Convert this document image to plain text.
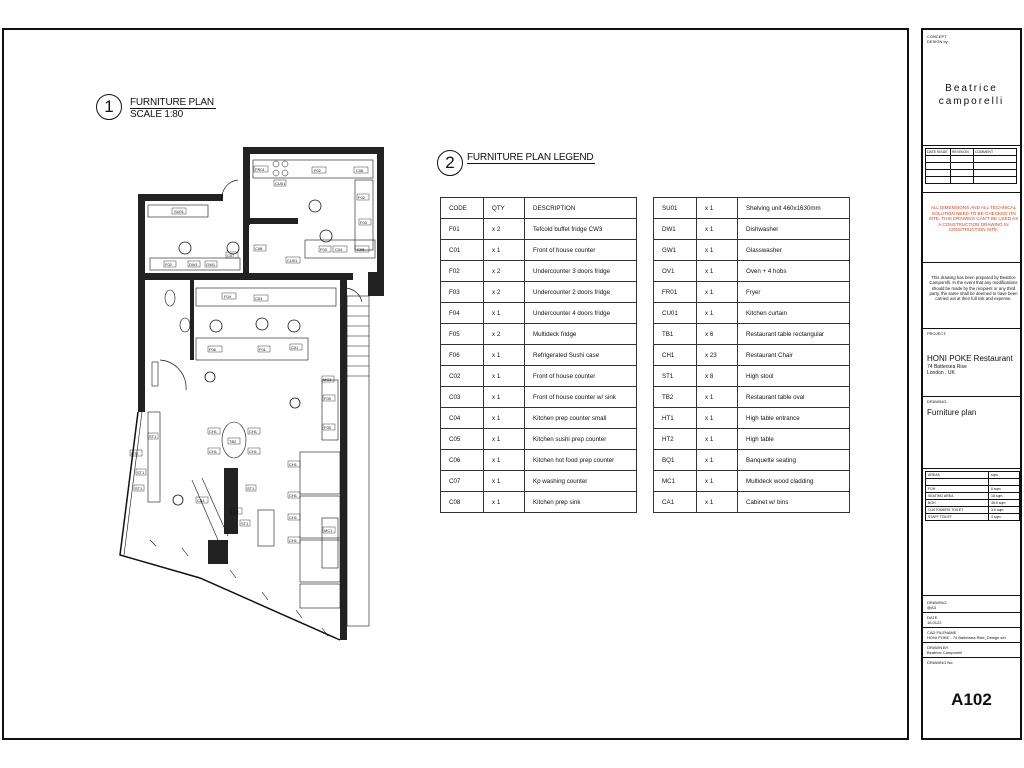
1 FURNITURE PLAN
SCALE 1:80
SU01
FR01
CU01
F02	C06
F02
F03
C05
C04
F03
F02	DW1 GW1
C07
C08
CU01
F04	C03
F06	F01	C01
MC1
F05
F05
CH1	CH1
TB2
CH1	CH1
CH1
ST1
HT1
ST1
ST1
CA1
ST1
CH1
HT2
ST1
CH1
MC1
CH1
2 FURNITURE PLAN LEGEND
CODE	QTY	DESCRIPTION
F01	x 2	Tefcold buffet fridge CW3
C01	x 1	Front of house counter
F02	x 2	Undercounter 3 doors fridge
F03	x 2	Undercounter 2 doors fridge
F04	x 1	Undercounter 4 doors fridge
F05	x 2	Multideck fridge
F06	x 1	Refrigerated Sushi case
C02	x 1	Front of house counter
C03	x 1	Front of house counter w/ sink
C04	x 1	Kitchen prep counter small
C05	x 1	Kitchen sushi prep counter
C06	x 1	Kitchen hot food prep counter
C07	x 1	Kp washing counter
C08	x 1	Kitchen prep sink
SU01	x 1	Shelving unit 460x1630mm
DW1	x 1	Dishwasher
GW1	x 1	Glasswasher
OV1	x 1	Oven + 4 hobs
FR01	x 1	Fryer
CU01	x 1	Kitchen curtain
TB1	x 6	Restaurant table rectangular
CH1	x 23	Restaurant Chair
ST1	x 8	High stool
TB2	x 1	Restaurant table oval
HT1	x 1	High table entrance
HT2	x 1	High table
BQ1	x 1	Banquette seating
MC1	x 1	Multideck wood cladding
CA1	x 1	Cabinet w/ bins
CONCEPT
DESIGN by:
Beatrice
camporelli
DATE ISSUE	REVISION	COMMENT

ALL DIMENSIONS AND ALL TECHNICAL SOLUTION NEED TO BE CHECKED ON SITE. THIS DRAWING CAN'T BE USED AS A CONSTRUCTION DRAWING IN CONSTRUCTION SITE.
This drawing has been prepared by Beatrice Camporelli. In the event that any modifications should be made by the recipient or any third party, the same shall be deemed to have been carried out at their full risk and expense.
PROJECT:
HONI POKE Restaurant
74 Battersea Rise
London , UK
DRAWING:
Furniture plan
AREAS	sqm

FOH	6 sqm
SEATING AREA	16 sqm
BOH	46.5 sqm
CUSTOMERS TOILET	3.6 sqm
STAFF TOILET	4 sqm
DRAWING:
@A3
DATE
16.0122
CAD FILENAME
HONI POKE - 74 Battersea Rise_Design set
DRAWN BY
Beatrice Camporelli
DRAWING No:
A102
